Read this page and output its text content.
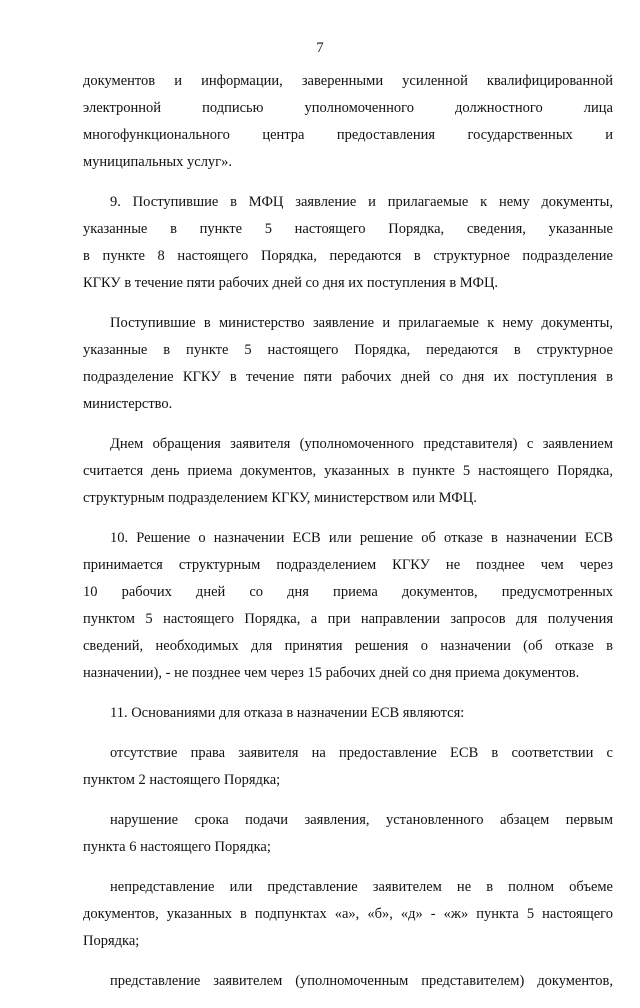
7
документов и информации, заверенными усиленной квалифицированной
электронной подписью уполномоченного должностного лица
многофункционального центра предоставления государственных и
муниципальных услуг».
9. Поступившие в МФЦ заявление и прилагаемые к нему документы,
указанные в пункте 5 настоящего Порядка, сведения, указанные
в пункте 8 настоящего Порядка, передаются в структурное подразделение
КГКУ в течение пяти рабочих дней со дня их поступления в МФЦ.
Поступившие в министерство заявление и прилагаемые к нему документы,
указанные в пункте 5 настоящего Порядка, передаются в структурное
подразделение КГКУ в течение пяти рабочих дней со дня их поступления в
министерство.
Днем обращения заявителя (уполномоченного представителя) с заявлением
считается день приема документов, указанных в пункте 5 настоящего Порядка,
структурным подразделением КГКУ, министерством или МФЦ.
10. Решение о назначении ЕСВ или решение об отказе в назначении ЕСВ
принимается структурным подразделением КГКУ не позднее чем через
10 рабочих дней со дня приема документов, предусмотренных
пунктом 5 настоящего Порядка, а при направлении запросов для получения
сведений, необходимых для принятия решения о назначении (об отказе в
назначении), - не позднее чем через 15 рабочих дней со дня приема документов.
11. Основаниями для отказа в назначении ЕСВ являются:
отсутствие права заявителя на предоставление ЕСВ в соответствии с
пунктом 2 настоящего Порядка;
нарушение срока подачи заявления, установленного абзацем первым
пункта 6 настоящего Порядка;
непредставление или представление заявителем не в полном объеме
документов, указанных в подпунктах «а», «б», «д» - «ж» пункта 5 настоящего
Порядка;
представление заявителем (уполномоченным представителем) документов,
